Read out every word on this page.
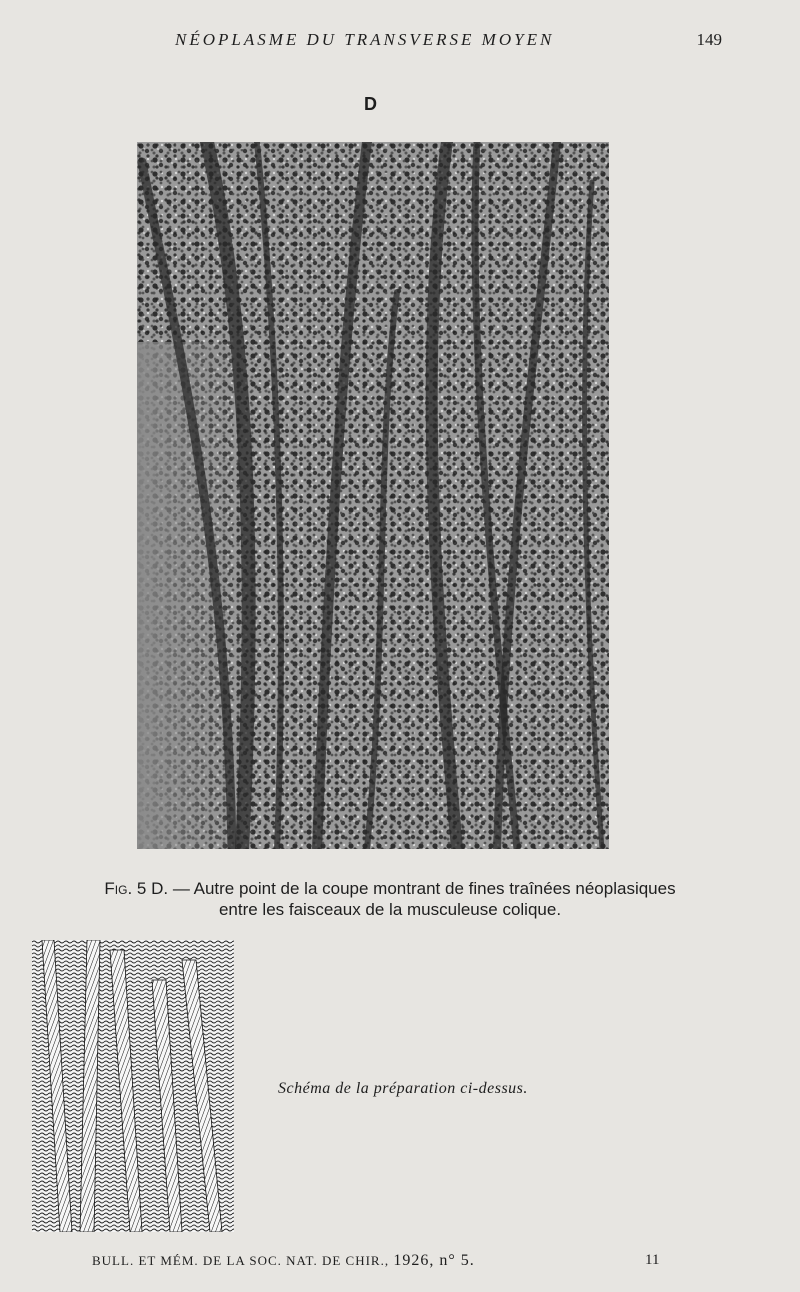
NÉOPLASME DU TRANSVERSE MOYEN	149
D
Fig. 5 D. — Autre point de la coupe montrant de fines traînées néoplasiques
entre les faisceaux de la musculeuse colique.
Schéma de la préparation ci-dessus.
BULL. ET MÉM. DE LA SOC. NAT. DE CHIR., 1926, n° 5.	11
